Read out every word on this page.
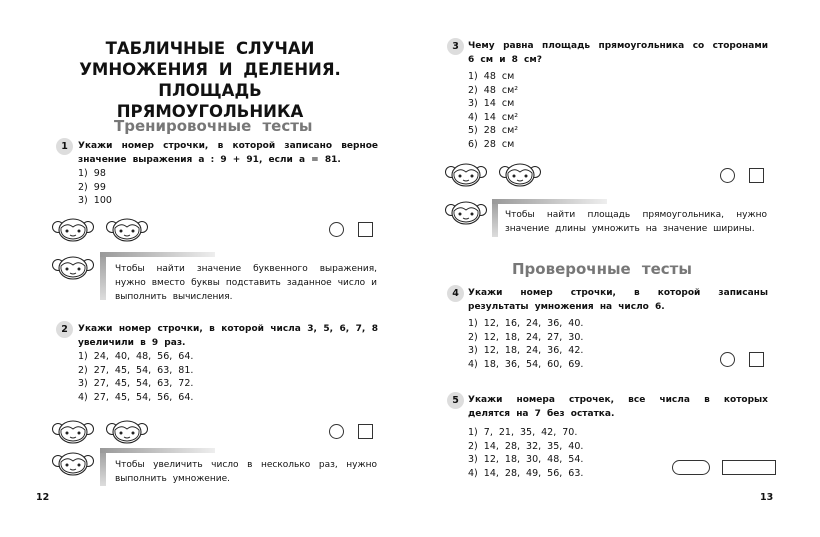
ТАБЛИЧНЫЕ СЛУЧАИ
УМНОЖЕНИЯ И ДЕЛЕНИЯ.
ПЛОЩАДЬ ПРЯМОУГОЛЬНИКА
Тренировочные тесты
1	Укажи номер строчки, в которой записано верное значение выражения а : 9 + 91, если а = 81.
1) 98
2) 99
3) 100
Чтобы найти значение буквенного выражения, нужно вместо буквы подставить заданное число и выполнить вычисления.
2	Укажи номер строчки, в которой числа 3, 5, 6, 7, 8 увеличили в 9 раз.
1) 24, 40, 48, 56, 64.
2) 27, 45, 54, 63, 81.
3) 27, 45, 54, 63, 72.
4) 27, 45, 54, 56, 64.
Чтобы увеличить число в несколько раз, нужно выполнить умножение.
12
3	Чему равна площадь прямоугольника со сторонами 6 см и 8 см?
1) 48 см
2) 48 см²
3) 14 см
4) 14 см²
5) 28 см²
6) 28 см
Чтобы найти площадь прямоугольника, нужно значение длины умножить на значение ширины.
Проверочные тесты
4	Укажи номер строчки, в которой записаны результаты умножения на число 6.
1) 12, 16, 24, 36, 40.
2) 12, 18, 24, 27, 30.
3) 12, 18, 24, 36, 42.
4) 18, 36, 54, 60, 69.
5	Укажи номера строчек, все числа в которых делятся на 7 без остатка.
1) 7, 21, 35, 42, 70.
2) 14, 28, 32, 35, 40.
3) 12, 18, 30, 48, 54.
4) 14, 28, 49, 56, 63.
13
